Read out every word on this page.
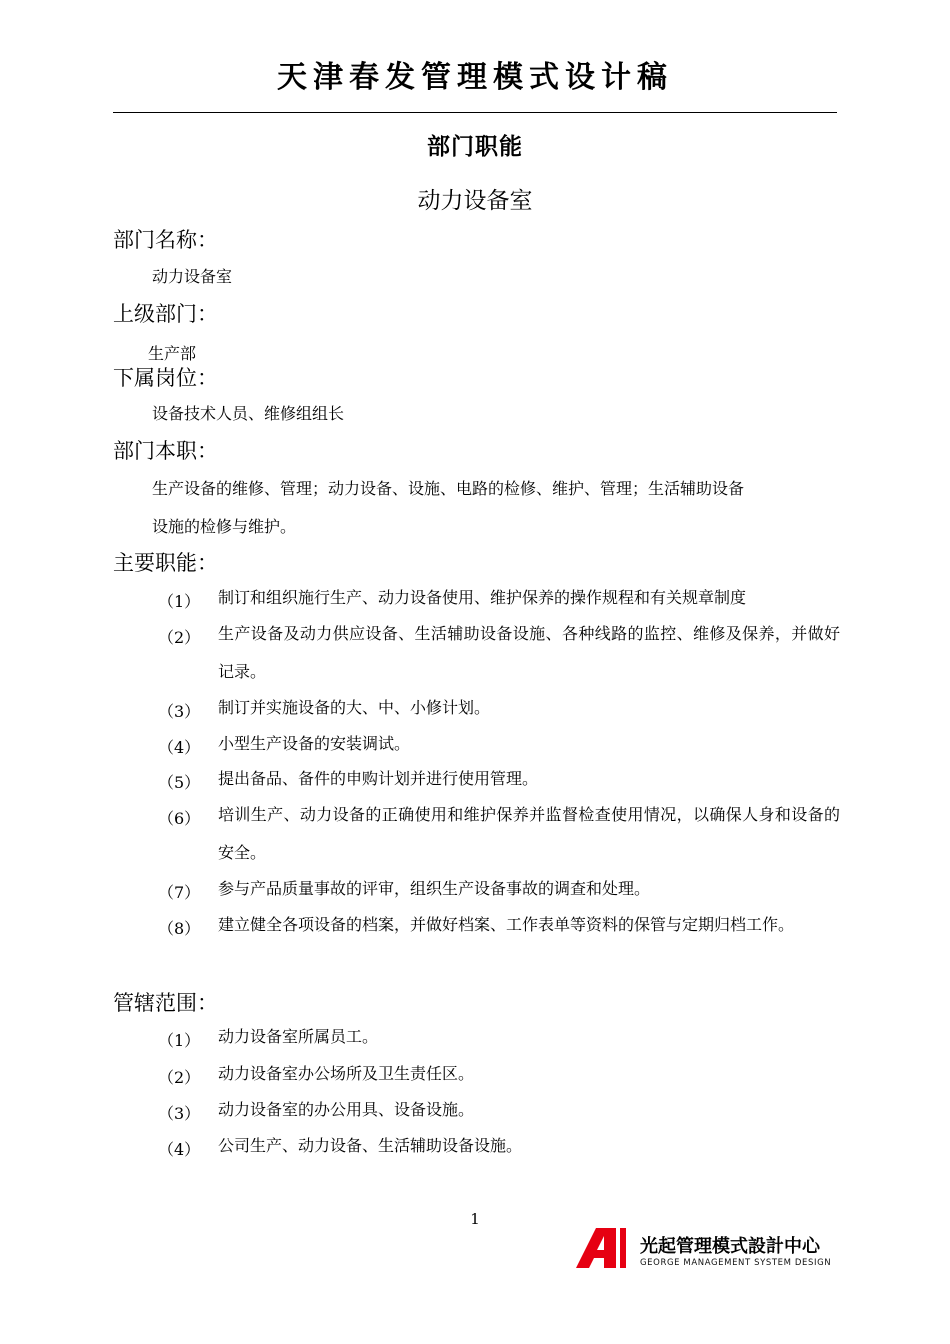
天津春发管理模式设计稿
部门职能
动力设备室
部门名称：
动力设备室
上级部门：
生产部
下属岗位：
设备技术人员、维修组组长
部门本职：
生产设备的维修、管理；动力设备、设施、电路的检修、维护、管理；生活辅助设备
设施的检修与维护。
主要职能：
（1） 制订和组织施行生产、动力设备使用、维护保养的操作规程和有关规章制度
（2） 生产设备及动力供应设备、生活辅助设备设施、各种线路的监控、维修及保养，并做好记录。
（3） 制订并实施设备的大、中、小修计划。
（4） 小型生产设备的安装调试。
（5） 提出备品、备件的申购计划并进行使用管理。
（6） 培训生产、动力设备的正确使用和维护保养并监督检查使用情况，以确保人身和设备的安全。
（7） 参与产品质量事故的评审，组织生产设备事故的调查和处理。
（8） 建立健全各项设备的档案，并做好档案、工作表单等资料的保管与定期归档工作。
管辖范围：
（1） 动力设备室所属员工。
（2） 动力设备室办公场所及卫生责任区。
（3） 动力设备室的办公用具、设备设施。
（4） 公司生产、动力设备、生活辅助设备设施。
1
光起管理模式設計中心
GEORGE MANAGEMENT SYSTEM DESIGN
